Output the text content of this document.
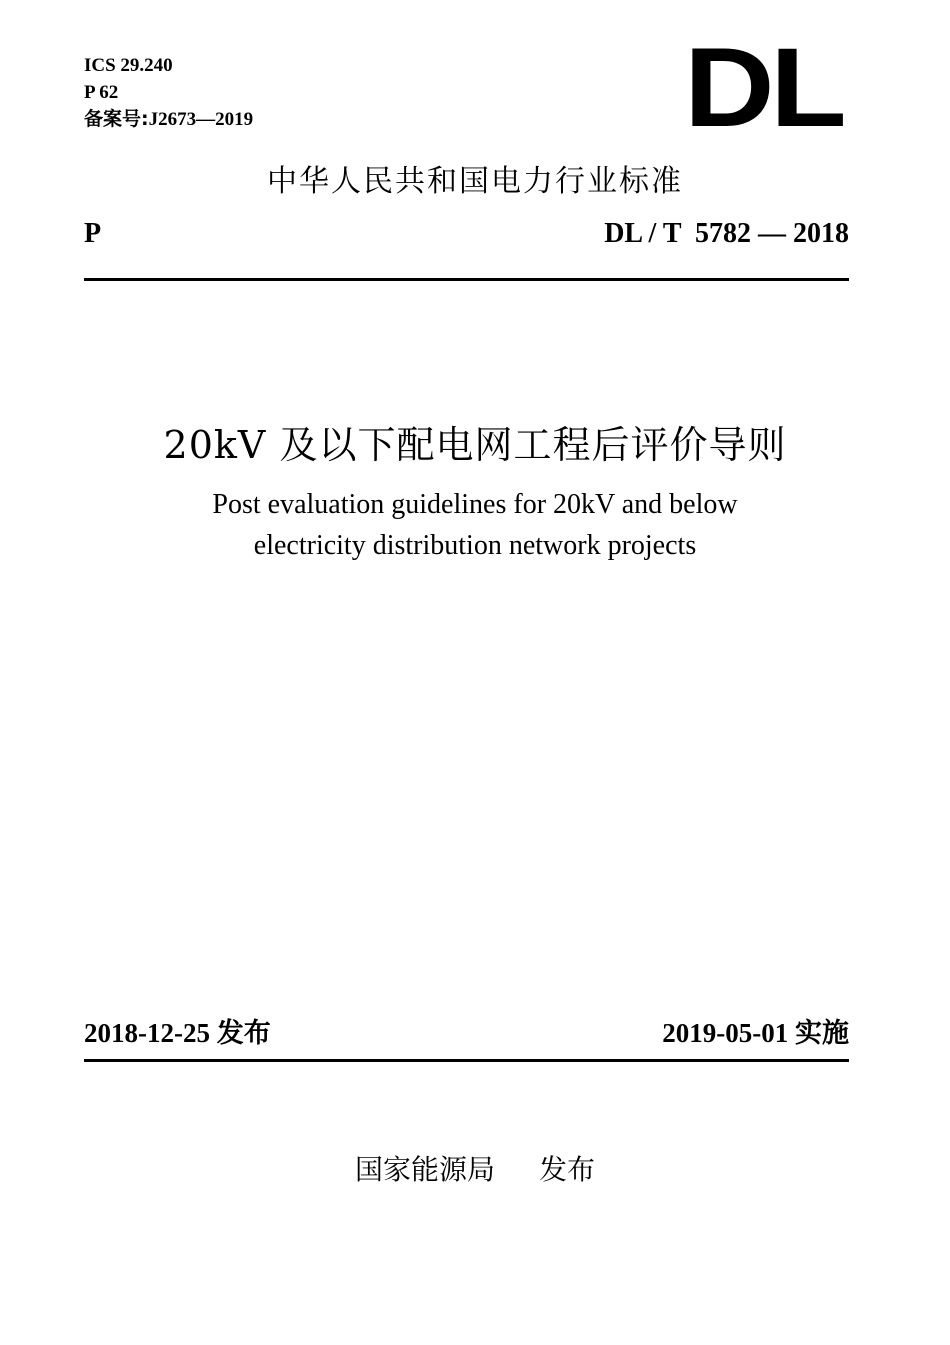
ICS 29.240
P 62
备案号:J2673—2019	DL
中华人民共和国电力行业标准
P	DL / T  5782 — 2018
20kV 及以下配电网工程后评价导则
Post evaluation guidelines for 20kV and below
electricity distribution network projects
2018-12-25 发布	2019-05-01 实施
国家能源局 发布
